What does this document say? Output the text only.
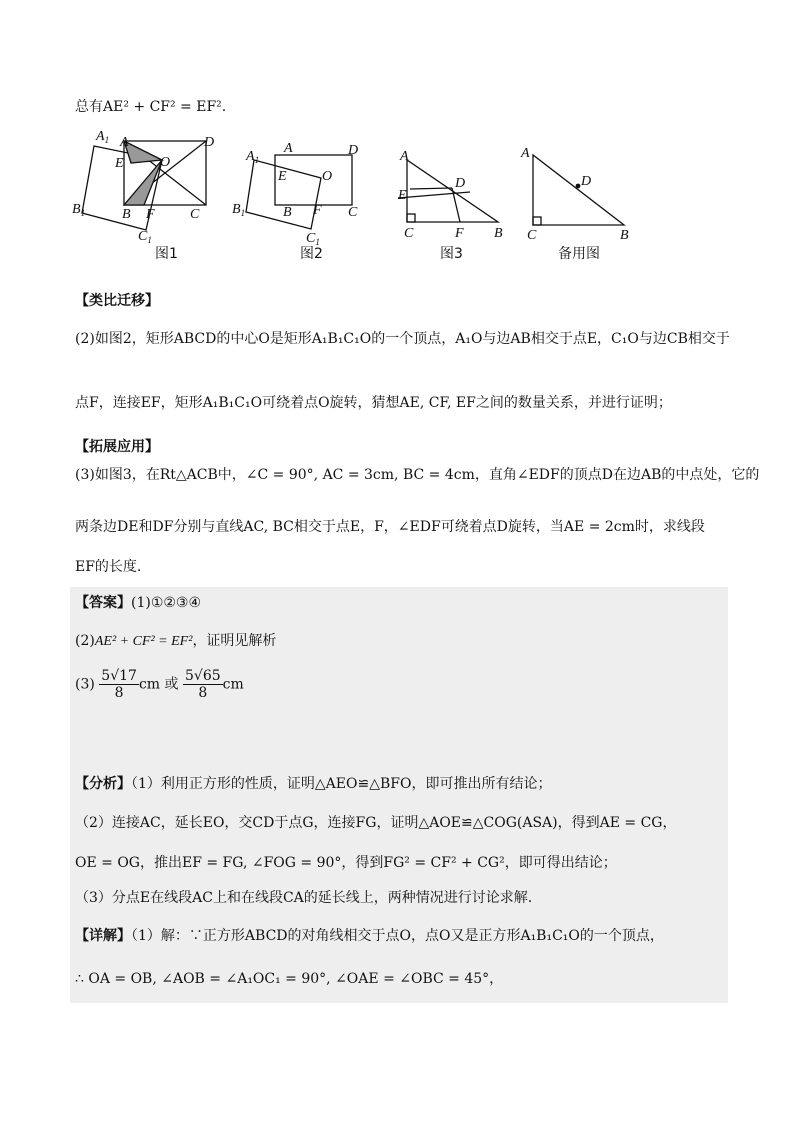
总有AE² + CF² = EF².
$A_1$ A	D
E	O
$B_1$	B F	C
$C_1$
$A_1$
A	D
E	O
$B_1$	B F C
$C_1$
A
D
E
C	F B
A
D
C	B
图1	图2	图3	备用图
【类比迁移】
(2)如图2，矩形ABCD的中心O是矩形A₁B₁C₁O的一个顶点，A₁O与边AB相交于点E，C₁O与边CB相交于
点F，连接EF，矩形A₁B₁C₁O可绕着点O旋转，猜想AE, CF, EF之间的数量关系，并进行证明；
【拓展应用】
(3)如图3，在Rt△ACB中，∠C = 90°, AC = 3cm, BC = 4cm，直角∠EDF的顶点D在边AB的中点处，它的
两条边DE和DF分别与直线AC, BC相交于点E，F，∠EDF可绕着点D旋转，当AE = 2cm时，求线段
EF的长度.
【答案】(1)①②③④
(2)AE² + CF² = EF²，证明见解析
$(3) \frac{5√17}{8}$ cm 或 $\frac{5√65}{8}$ cm
【分析】（1）利用正方形的性质，证明△AEO≌△BFO，即可推出所有结论；
（2）连接AC，延长EO，交CD于点G，连接FG，证明△AOE≌△COG(ASA)，得到AE = CG，
OE = OG，推出EF = FG, ∠FOG = 90°，得到FG² = CF² + CG²，即可得出结论；
（3）分点E在线段AC上和在线段CA的延长线上，两种情况进行讨论求解.
【详解】（1）解：∵正方形ABCD的对角线相交于点O，点O又是正方形A₁B₁C₁O的一个顶点，
∴ OA = OB, ∠AOB = ∠A₁OC₁ = 90°, ∠OAE = ∠OBC = 45°，
